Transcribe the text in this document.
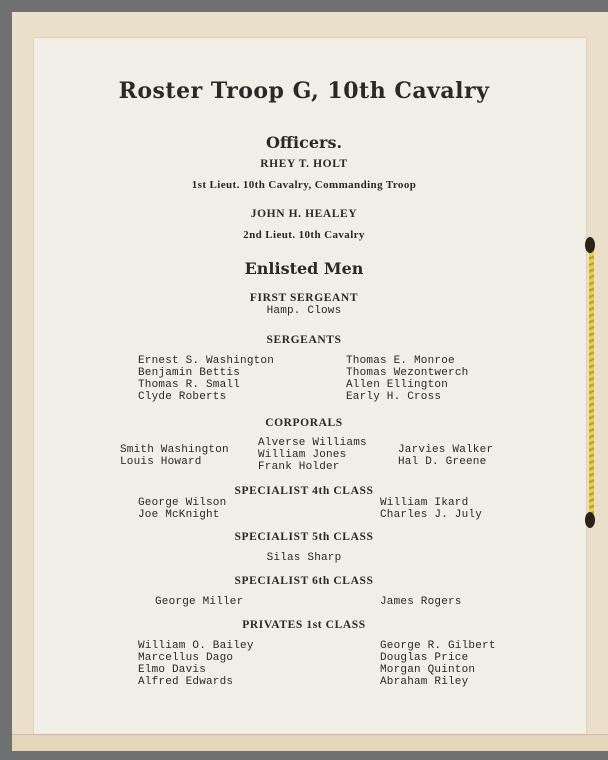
Roster Troop G, 10th Cavalry
Officers.
RHEY T. HOLT
1st Lieut. 10th Cavalry, Commanding Troop
JOHN H. HEALEY
2nd Lieut. 10th Cavalry
Enlisted Men
FIRST SERGEANT
Hamp. Clows
SERGEANTS
Ernest S. Washington
Benjamin Bettis
Thomas R. Small
Clyde Roberts
Thomas E. Monroe
Thomas Wezontwerch
Allen Ellington
Early H. Cross
CORPORALS
Smith Washington
Louis Howard
Alverse Williams
William Jones
Frank Holder
Jarvies Walker
Hal D. Greene
SPECIALIST 4th CLASS
George Wilson
Joe McKnight
William Ikard
Charles J. July
SPECIALIST 5th CLASS
Silas Sharp
SPECIALIST 6th CLASS
George Miller	James Rogers
PRIVATES 1st CLASS
William O. Bailey
Marcellus Dago
Elmo Davis
Alfred Edwards
George R. Gilbert
Douglas Price
Morgan Quinton
Abraham Riley
